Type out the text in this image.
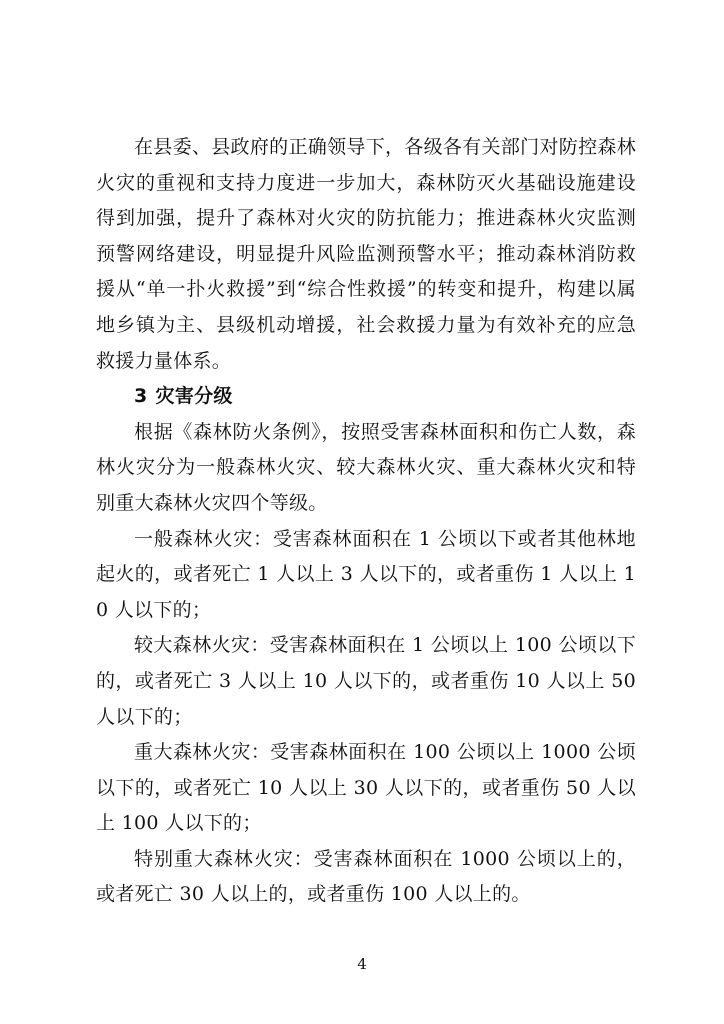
在县委、县政府的正确领导下，各级各有关部门对防控森林火灾的重视和支持力度进一步加大，森林防灭火基础设施建设得到加强，提升了森林对火灾的防抗能力；推进森林火灾监测预警网络建设，明显提升风险监测预警水平；推动森林消防救援从“单一扑火救援”到“综合性救援”的转变和提升，构建以属地乡镇为主、县级机动增援，社会救援力量为有效补充的应急救援力量体系。

3 灾害分级

根据《森林防火条例》，按照受害森林面积和伤亡人数，森林火灾分为一般森林火灾、较大森林火灾、重大森林火灾和特别重大森林火灾四个等级。

一般森林火灾：受害森林面积在 1 公顷以下或者其他林地起火的，或者死亡 1 人以上 3 人以下的，或者重伤 1 人以上 10 人以下的；

较大森林火灾：受害森林面积在 1 公顷以上 100 公顷以下的，或者死亡 3 人以上 10 人以下的，或者重伤 10 人以上 50 人以下的；

重大森林火灾：受害森林面积在 100 公顷以上 1000 公顷以下的，或者死亡 10 人以上 30 人以下的，或者重伤 50 人以上 100 人以下的；

特别重大森林火灾：受害森林面积在 1000 公顷以上的，或者死亡 30 人以上的，或者重伤 100 人以上的。

4
